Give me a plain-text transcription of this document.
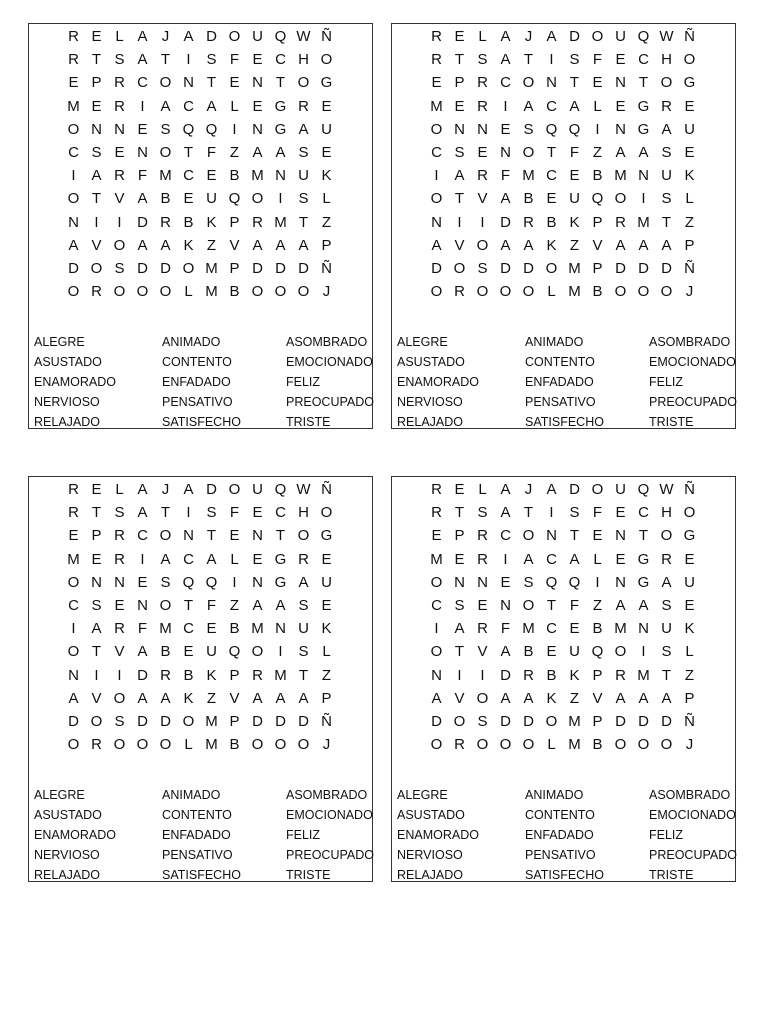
R E L A J A D O U Q W Ñ
R T S A T	I	S F E C H O
E P R C O N T E N T O G
M E R	I	A C A L E G R E
O N N E S Q Q	I	N G A U
C S E N O T F Z A A S E
I	A R F M C E B M N U K
O T V A B E U Q O	I	S L
N	I	I	D R B K P R M T Z
A V O A A K Z V A A A P
D O S D D O M P D D D Ñ
O R O O O L M B O O O J
ALEGRE	ANIMADO	ASOMBRADO
ASUSTADO	CONTENTO	EMOCIONADO
ENAMORADO	ENFADADO	FELIZ
NERVIOSO	PENSATIVO	PREOCUPADO
RELAJADO	SATISFECHO	TRISTE
R E L A J A D O U Q W Ñ
R T S A T	I	S F E C H O
E P R C O N T E N T O G
M E R	I	A C A L E G R E
O N N E S Q Q	I	N G A U
C S E N O T F Z A A S E
I	A R F M C E B M N U K
O T V A B E U Q O	I	S L
N	I	I	D R B K P R M T Z
A V O A A K Z V A A A P
D O S D D O M P D D D Ñ
O R O O O L M B O O O J
ALEGRE	ANIMADO	ASOMBRADO
ASUSTADO	CONTENTO	EMOCIONADO
ENAMORADO	ENFADADO	FELIZ
NERVIOSO	PENSATIVO	PREOCUPADO
RELAJADO	SATISFECHO	TRISTE
R E L A J A D O U Q W Ñ
R T S A T	I	S F E C H O
E P R C O N T E N T O G
M E R	I	A C A L E G R E
O N N E S Q Q	I	N G A U
C S E N O T F Z A A S E
I	A R F M C E B M N U K
O T V A B E U Q O	I	S L
N	I	I	D R B K P R M T Z
A V O A A K Z V A A A P
D O S D D O M P D D D Ñ
O R O O O L M B O O O J
ALEGRE	ANIMADO	ASOMBRADO
ASUSTADO	CONTENTO	EMOCIONADO
ENAMORADO	ENFADADO	FELIZ
NERVIOSO	PENSATIVO	PREOCUPADO
RELAJADO	SATISFECHO	TRISTE
R E L A J A D O U Q W Ñ
R T S A T	I	S F E C H O
E P R C O N T E N T O G
M E R	I	A C A L E G R E
O N N E S Q Q	I	N G A U
C S E N O T F Z A A S E
I	A R F M C E B M N U K
O T V A B E U Q O	I	S L
N	I	I	D R B K P R M T Z
A V O A A K Z V A A A P
D O S D D O M P D D D Ñ
O R O O O L M B O O O J
ALEGRE	ANIMADO	ASOMBRADO
ASUSTADO	CONTENTO	EMOCIONADO
ENAMORADO	ENFADADO	FELIZ
NERVIOSO	PENSATIVO	PREOCUPADO
RELAJADO	SATISFECHO	TRISTE
